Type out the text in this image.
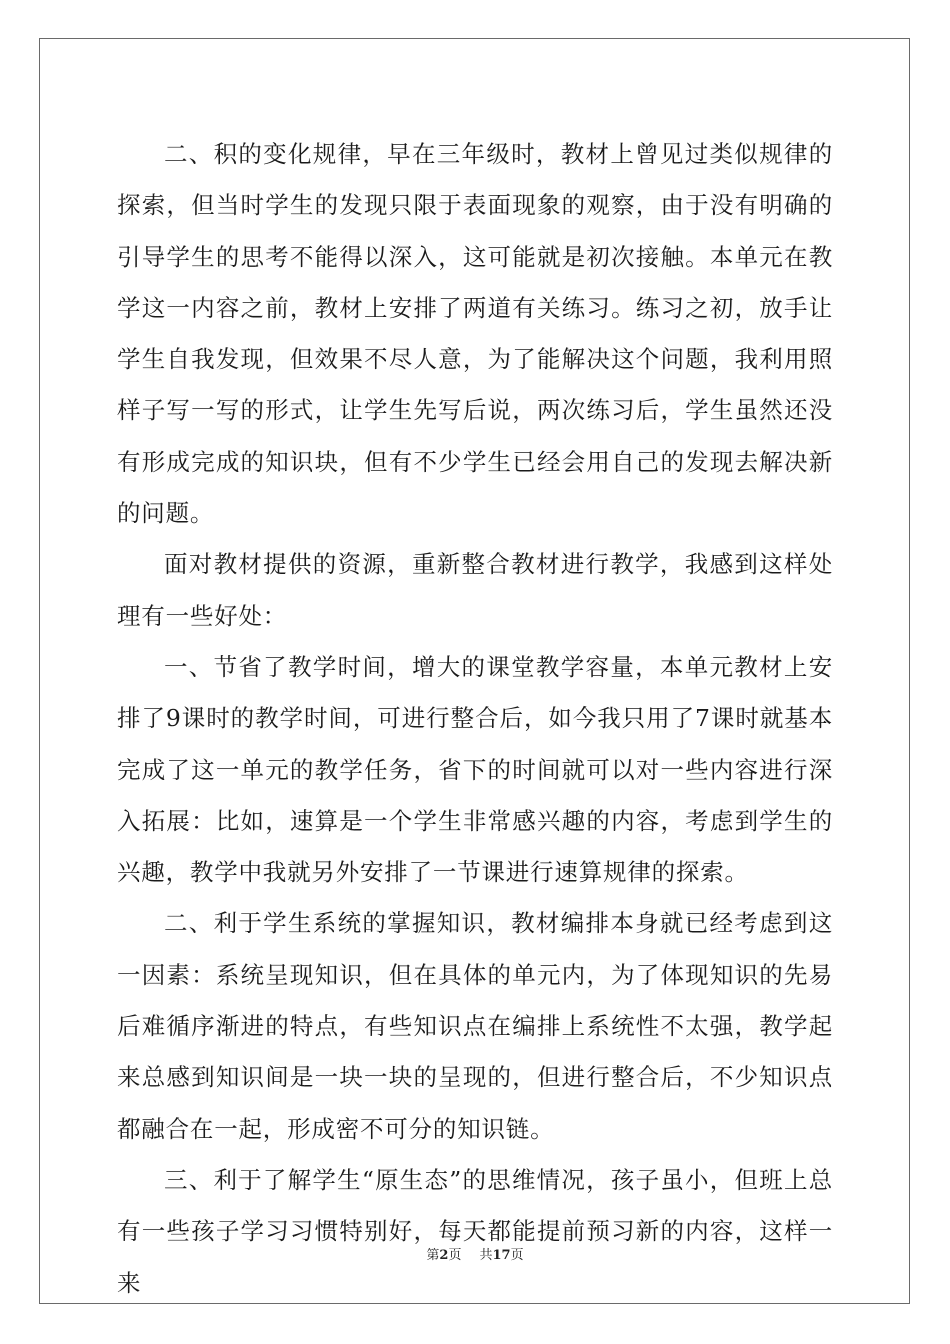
二、积的变化规律，早在三年级时，教材上曾见过类似规律的探索，但当时学生的发现只限于表面现象的观察，由于没有明确的引导学生的思考不能得以深入，这可能就是初次接触。本单元在教学这一内容之前，教材上安排了两道有关练习。练习之初，放手让学生自我发现，但效果不尽人意，为了能解决这个问题，我利用照样子写一写的形式，让学生先写后说，两次练习后，学生虽然还没有形成完成的知识块，但有不少学生已经会用自己的发现去解决新的问题。

面对教材提供的资源，重新整合教材进行教学，我感到这样处理有一些好处：

一、节省了教学时间，增大的课堂教学容量，本单元教材上安排了9课时的教学时间，可进行整合后，如今我只用了7课时就基本完成了这一单元的教学任务，省下的时间就可以对一些内容进行深入拓展：比如，速算是一个学生非常感兴趣的内容，考虑到学生的兴趣，教学中我就另外安排了一节课进行速算规律的探索。

二、利于学生系统的掌握知识，教材编排本身就已经考虑到这一因素：系统呈现知识，但在具体的单元内，为了体现知识的先易后难循序渐进的特点，有些知识点在编排上系统性不太强，教学起来总感到知识间是一块一块的呈现的，但进行整合后，不少知识点都融合在一起，形成密不可分的知识链。

三、利于了解学生“原生态”的思维情况，孩子虽小，但班上总有一些孩子学习习惯特别好，每天都能提前预习新的内容，这样一来

第2页 共17页
